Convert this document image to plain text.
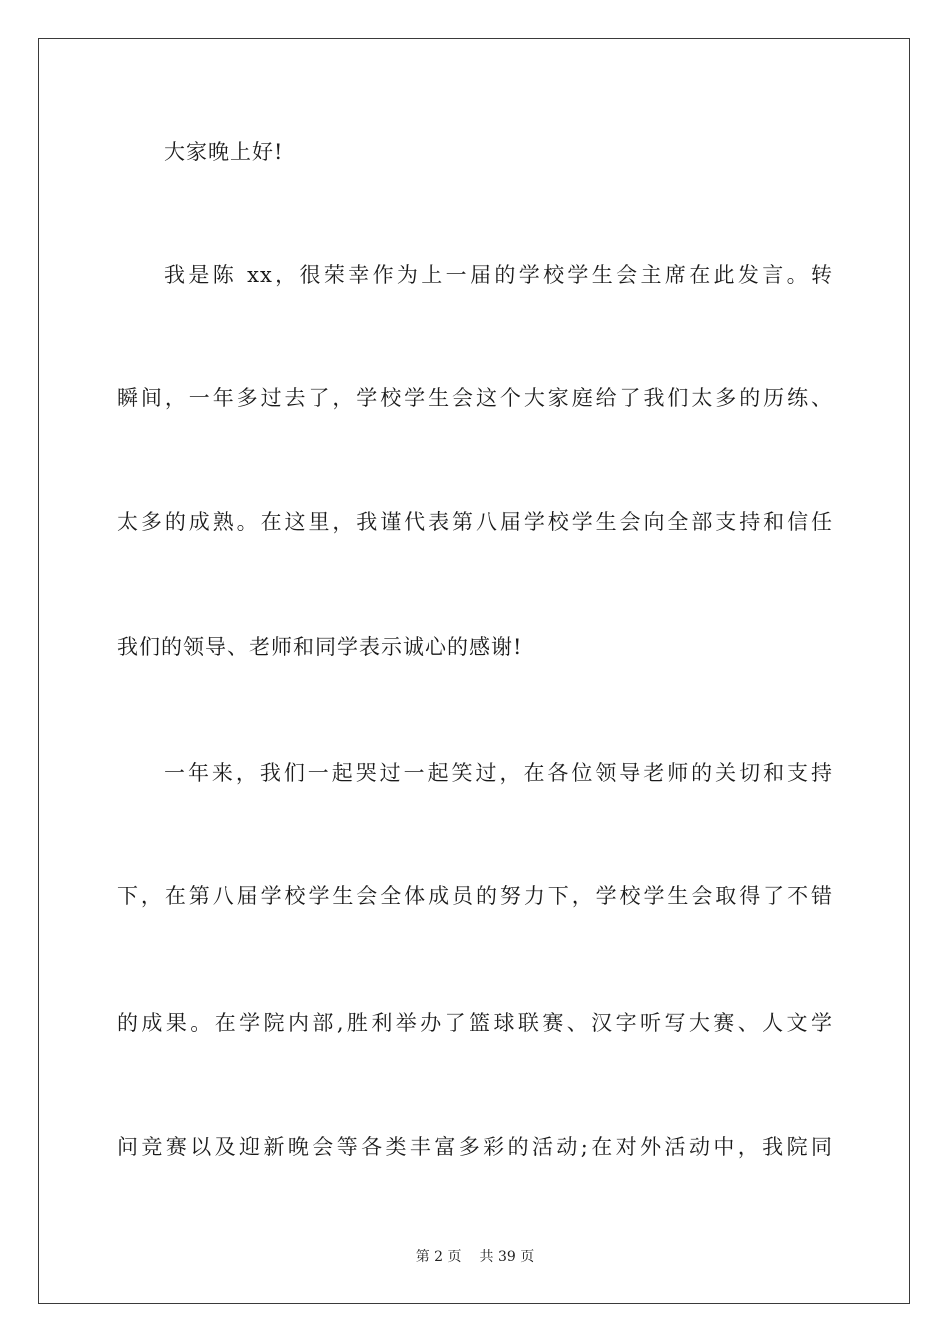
大家晚上好!
我是陈 xx，很荣幸作为上一届的学校学生会主席在此发言。转
瞬间，一年多过去了，学校学生会这个大家庭给了我们太多的历练、
太多的成熟。在这里，我谨代表第八届学校学生会向全部支持和信任
我们的领导、老师和同学表示诚心的感谢!
一年来，我们一起哭过一起笑过，在各位领导老师的关切和支持
下，在第八届学校学生会全体成员的努力下，学校学生会取得了不错
的成果。在学院内部,胜利举办了篮球联赛、汉字听写大赛、人文学
问竞赛以及迎新晚会等各类丰富多彩的活动;在对外活动中，我院同
第 2 页 共 39 页
